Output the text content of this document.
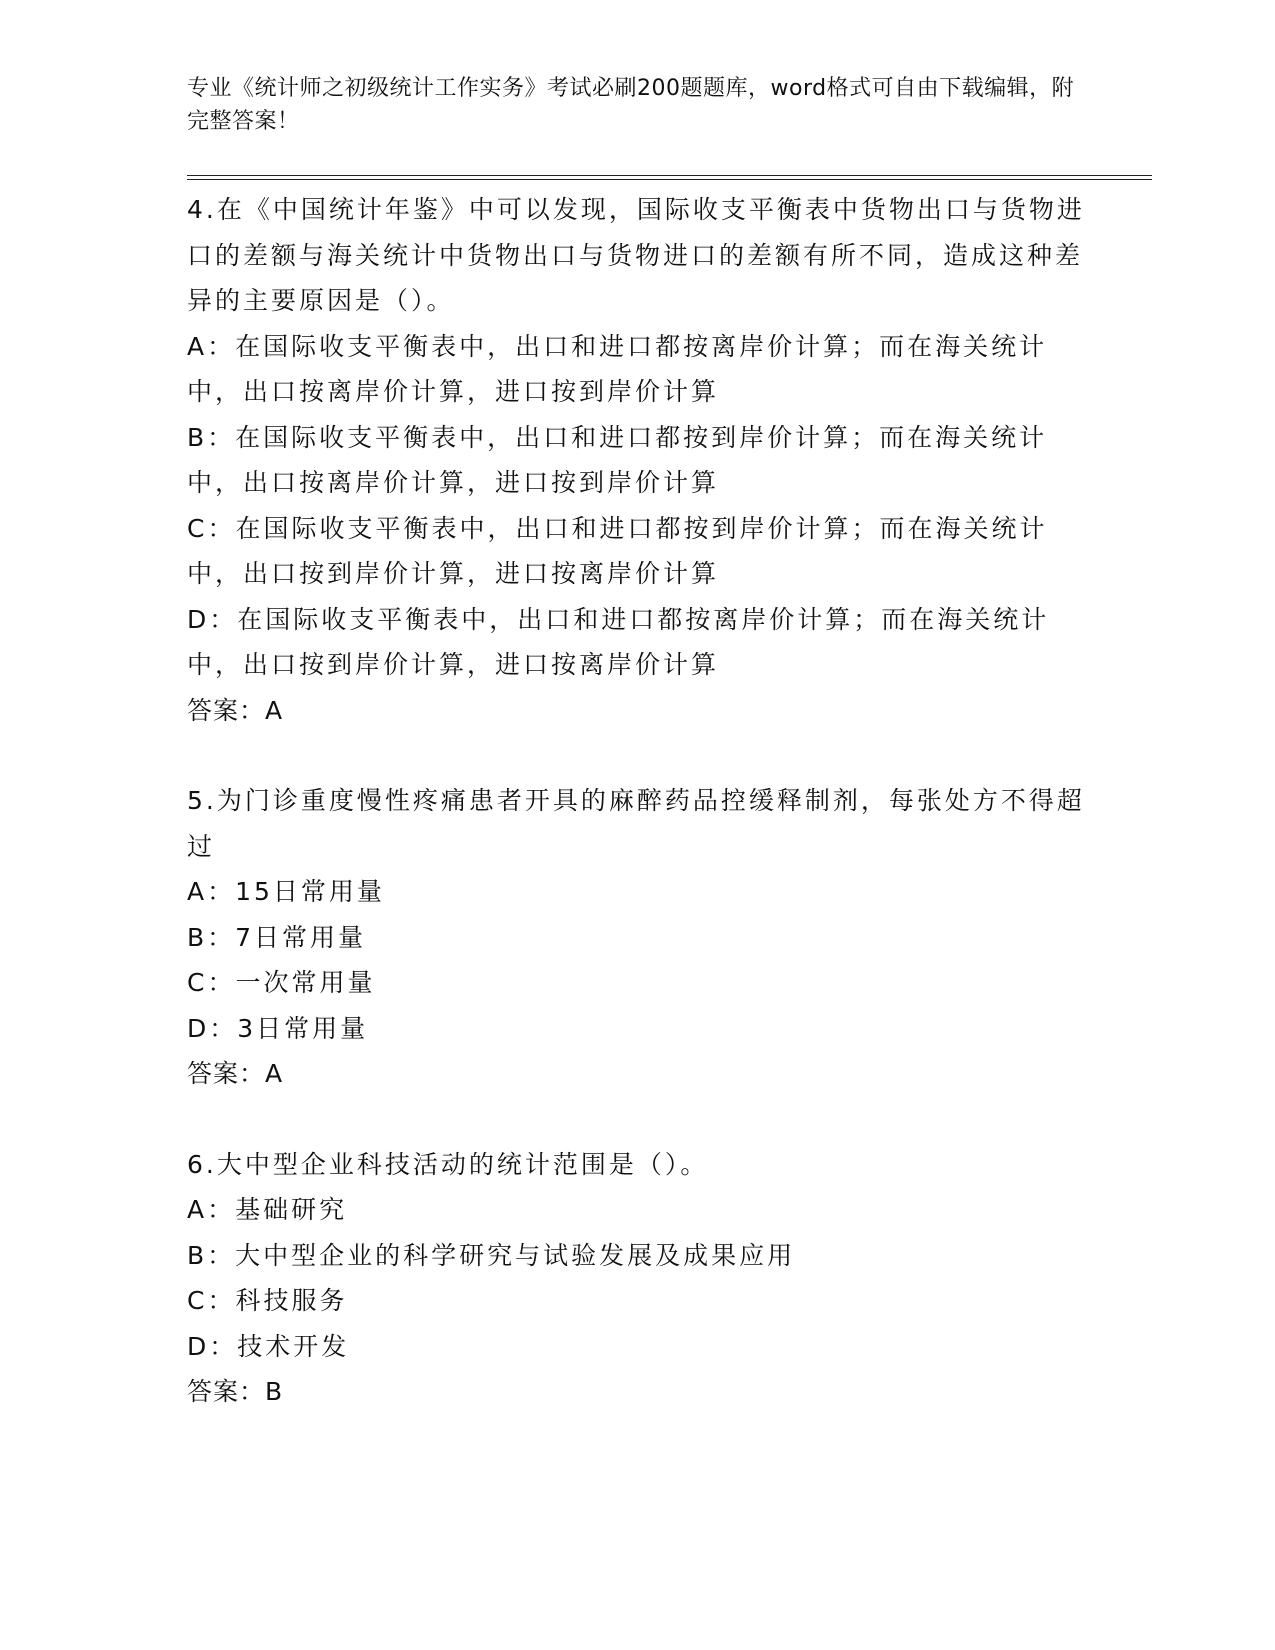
专业《统计师之初级统计工作实务》考试必刷200题题库，word格式可自由下载编辑，附完整答案！
4.在《中国统计年鉴》中可以发现，国际收支平衡表中货物出口与货物进口的差额与海关统计中货物出口与货物进口的差额有所不同，造成这种差异的主要原因是（）。
A：在国际收支平衡表中，出口和进口都按离岸价计算；而在海关统计中，出口按离岸价计算，进口按到岸价计算
B：在国际收支平衡表中，出口和进口都按到岸价计算；而在海关统计中，出口按离岸价计算，进口按到岸价计算
C：在国际收支平衡表中，出口和进口都按到岸价计算；而在海关统计中，出口按到岸价计算，进口按离岸价计算
D：在国际收支平衡表中，出口和进口都按离岸价计算；而在海关统计中，出口按到岸价计算，进口按离岸价计算
答案：A
5.为门诊重度慢性疼痛患者开具的麻醉药品控缓释制剂，每张处方不得超过
A：15日常用量
B：7日常用量
C：一次常用量
D：3日常用量
答案：A
6.大中型企业科技活动的统计范围是（）。
A：基础研究
B：大中型企业的科学研究与试验发展及成果应用
C：科技服务
D：技术开发
答案：B
